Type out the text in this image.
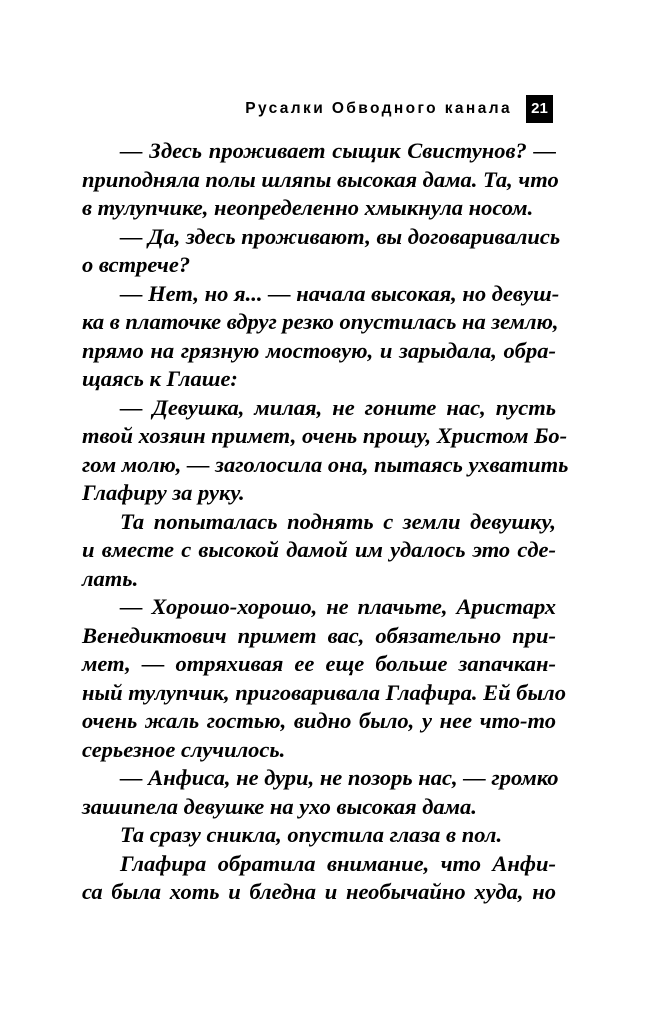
Русалки Обводного канала	21
— Здесь проживает сыщик Свистунов? —
приподняла полы шляпы высокая дама. Та, что
в тулупчике, неопределенно хмыкнула носом.
— Да, здесь проживают, вы договаривались
о встрече?
— Нет, но я... — начала высокая, но девуш-
ка в платочке вдруг резко опустилась на землю,
прямо на грязную мостовую, и зарыдала, обра-
щаясь к Глаше:
— Девушка, милая, не гоните нас, пусть
твой хозяин примет, очень прошу, Христом Бо-
гом молю, — заголосила она, пытаясь ухватить
Глафиру за руку.
Та попыталась поднять с земли девушку,
и вместе с высокой дамой им удалось это сде-
лать.
— Хорошо-хорошо, не плачьте, Аристарх
Венедиктович примет вас, обязательно при-
мет, — отряхивая ее еще больше запачкан-
ный тулупчик, приговаривала Глафира. Ей было
очень жаль гостью, видно было, у нее что-то
серьезное случилось.
— Анфиса, не дури, не позорь нас, — громко
зашипела девушке на ухо высокая дама.
Та сразу сникла, опустила глаза в пол.
Глафира обратила внимание, что Анфи-
са была хоть и бледна и необычайно худа, но
